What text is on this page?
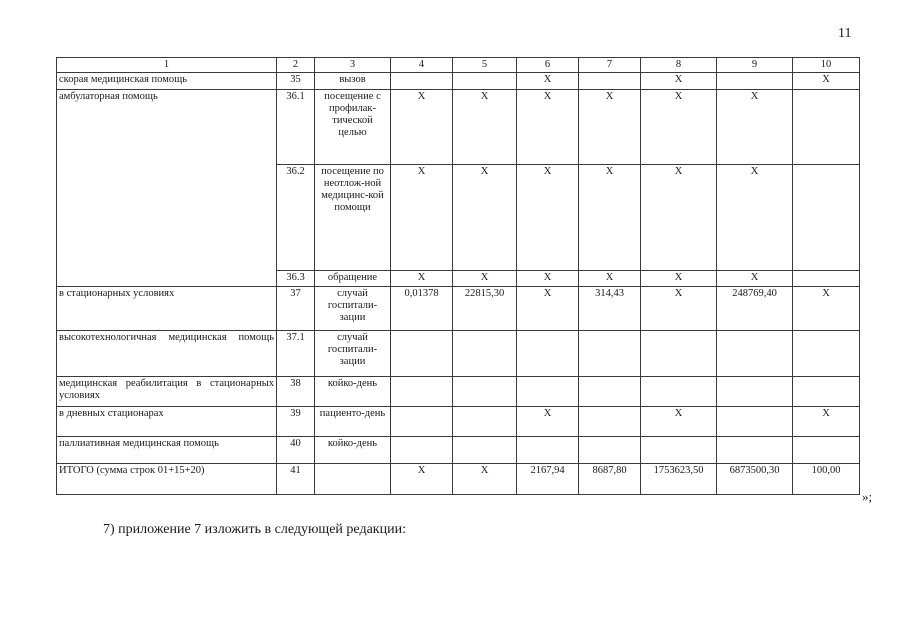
11
1	2	3	4	5	6	7	8	9	10
скорая медицинская помощь	35	вызов			X		X		X
амбулаторная помощь	36.1	посещение с профилак-тической целью	X	X	X	X	X	X	
	36.2	посещение по неотлож-ной медицинс-кой помощи	X	X	X	X	X	X	
	36.3	обращение	X	X	X	X	X	X	
в стационарных условиях	37	случай госпитали-зации	0,01378	22815,30	X	314,43	X	248769,40	X
высокотехнологичная медицинская помощь	37.1	случай госпитали-зации							
медицинская реабилитация в стационарных условиях	38	койко-день							
в дневных стационарах	39	пациенто-день			X		X		X
паллиативная медицинская помощь	40	койко-день							
ИТОГО (сумма строк 01+15+20)	41		X	X	2167,94	8687,80	1753623,50	6873500,30	100,00
»;
7) приложение 7 изложить в следующей редакции:
